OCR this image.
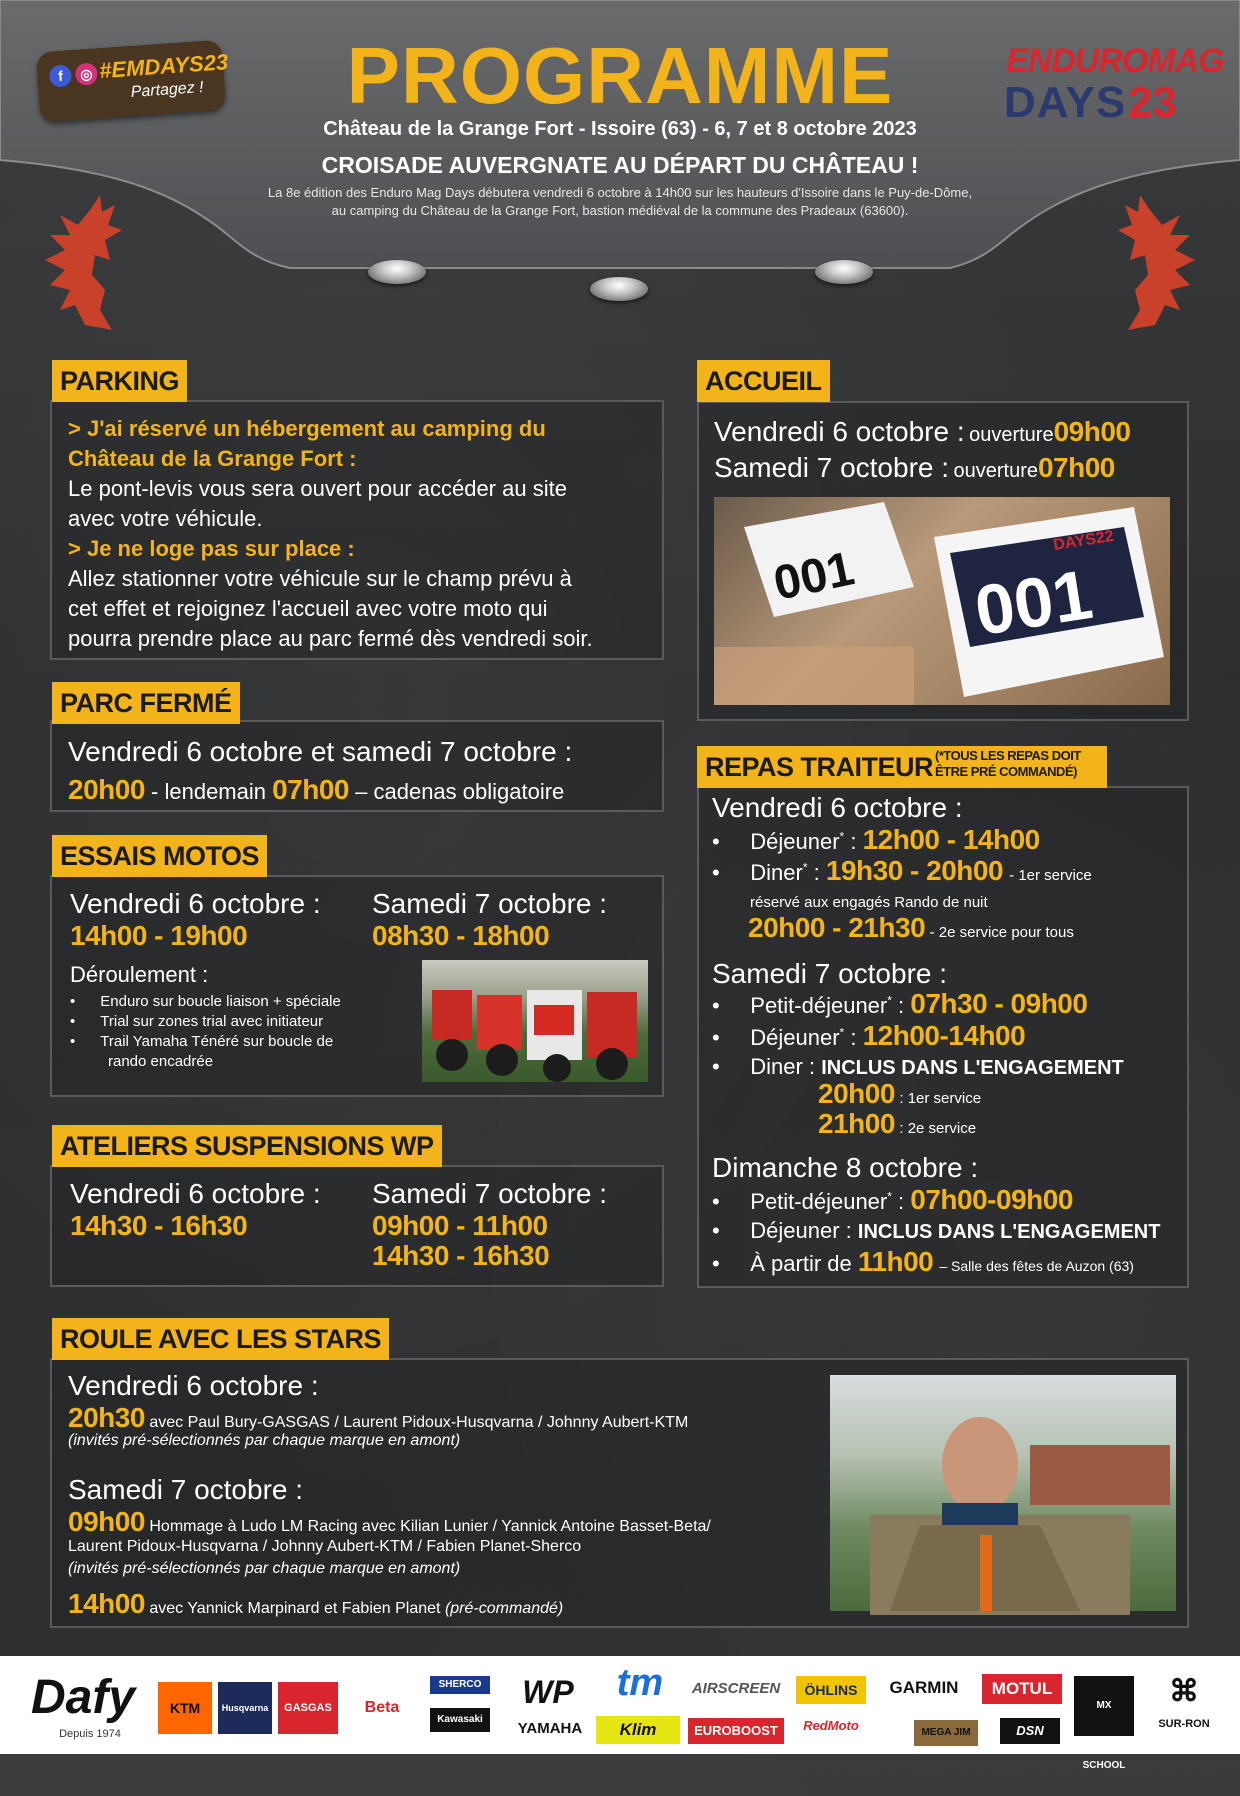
f	◎ #EMDAYS23
Partagez !	PROGRAMME
Château de la Grange Fort - Issoire (63) - 6, 7 et 8 octobre 2023
CROISADE AUVERGNATE AU DÉPART DU CHÂTEAU !
La 8e édition des Enduro Mag Days débutera vendredi 6 octobre à 14h00 sur les hauteurs d'Issoire dans le Puy-de-Dôme,
au camping du Château de la Grange Fort, bastion médiéval de la commune des Pradeaux (63600).
ENDUROMAG
DAYS 23
PARKING
> J'ai réservé un hébergement au camping du
Château de la Grange Fort :
Le pont-levis vous sera ouvert pour accéder au site
avec votre véhicule.
> Je ne loge pas sur place :
Allez stationner votre véhicule sur le champ prévu à
cet effet et rejoignez l'accueil avec votre moto qui
pourra prendre place au parc fermé dès vendredi soir.
PARC FERMÉ
Vendredi 6 octobre et samedi 7 octobre :
20h00 - lendemain 07h00 – cadenas obligatoire
ESSAIS MOTOS
Vendredi 6 octobre :
14h00 - 19h00
Samedi 7 octobre :
08h30 - 18h00
Déroulement :
•      Enduro sur boucle liaison + spéciale
•      Trial sur zones trial avec initiateur
•      Trail Yamaha Ténéré sur boucle de
rando encadrée
ATELIERS SUSPENSIONS WP
Vendredi 6 octobre :
14h30 - 16h30
Samedi 7 octobre :
09h00 - 11h00
14h30 - 16h30
ACCUEIL
Vendredi 6 octobre : ouverture09h00
Samedi 7 octobre : ouverture07h00
001 001
DAYS22
REPAS TRAITEUR (*TOUS LES REPAS DOIT
ÊTRE PRÉ COMMANDÉ)
Vendredi 6 octobre :
•     Déjeuner* : 12h00 - 14h00
•     Diner* : 19h30 - 20h00 - 1er service
réservé aux engagés Rando de nuit
20h00 - 21h30 - 2e service pour tous
Samedi 7 octobre :
•     Petit-déjeuner* : 07h30 - 09h00
•     Déjeuner* : 12h00-14h00
•     Diner : INCLUS DANS L'ENGAGEMENT
20h00 : 1er service
21h00 : 2e service
Dimanche 8 octobre :
•     Petit-déjeuner* : 07h00-09h00
•     Déjeuner : INCLUS DANS L'ENGAGEMENT
•     À partir de 11h00 – Salle des fêtes de Auzon (63)
ROULE AVEC LES STARS
Vendredi 6 octobre :
20h30 avec Paul Bury-GASGAS / Laurent Pidoux-Husqvarna / Johnny Aubert-KTM
(invités pré-sélectionnés par chaque marque en amont)
Samedi 7 octobre :
09h00 Hommage à Ludo LM Racing avec Kilian Lunier / Yannick Antoine Basset-Beta/
Laurent Pidoux-Husqvarna / Johnny Aubert-KTM / Fabien Planet-Sherco
(invités pré-sélectionnés par chaque marque en amont)
14h00 avec Yannick Marpinard et Fabien Planet (pré-commandé)
Dafy
Depuis 1974
KTM	Husqvarna	GASGAS	Beta
SHERCO
Kawasaki
WP
YAMAHA
tm
Klim
AIRSCREEN
EUROBOOST
ÖHLINS
RedMoto
GARMIN
MEGA JIM
MOTUL
DSN
MX SCHOOL
⌘
SUR-RON
